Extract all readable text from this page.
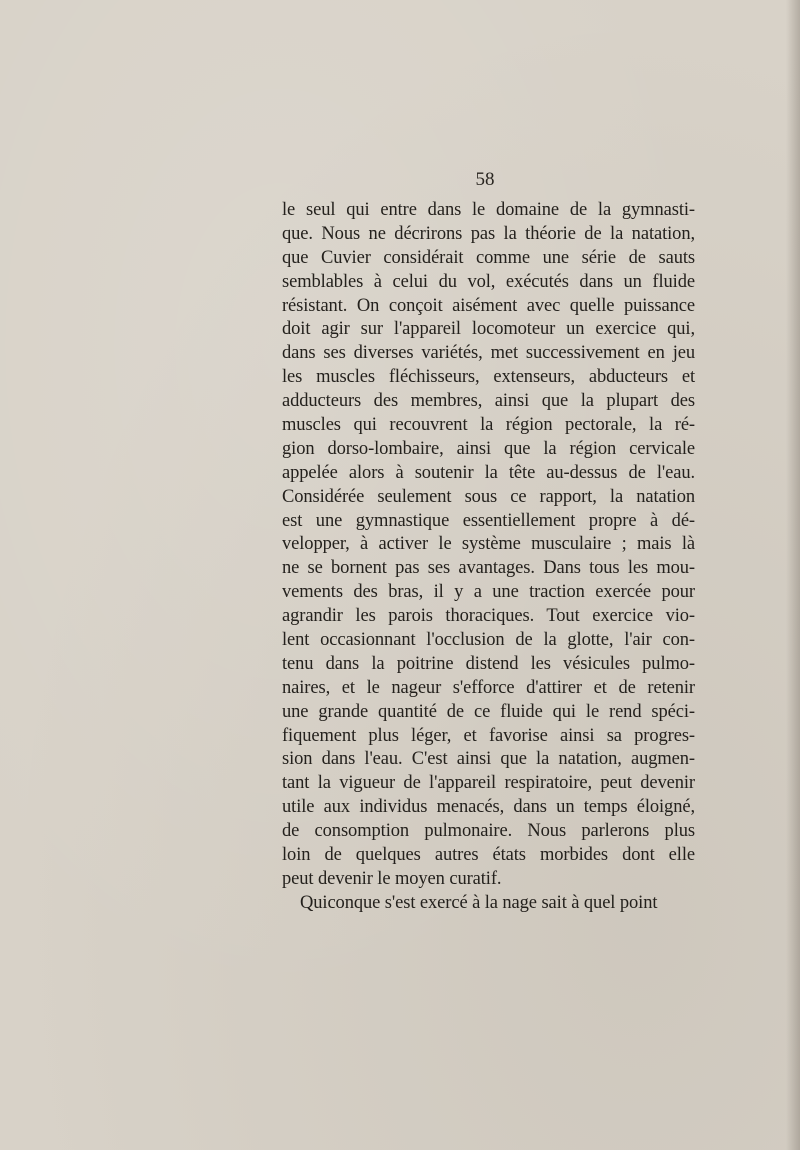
58
le seul qui entre dans le domaine de la gymnasti-
que. Nous ne décrirons pas la théorie de la natation,
que Cuvier considérait comme une série de sauts
semblables à celui du vol, exécutés dans un fluide
résistant. On conçoit aisément avec quelle puissance
doit agir sur l'appareil locomoteur un exercice qui,
dans ses diverses variétés, met successivement en jeu
les muscles fléchisseurs, extenseurs, abducteurs et
adducteurs des membres, ainsi que la plupart des
muscles qui recouvrent la région pectorale, la ré-
gion dorso-lombaire, ainsi que la région cervicale
appelée alors à soutenir la tête au-dessus de l'eau.
Considérée seulement sous ce rapport, la natation
est une gymnastique essentiellement propre à dé-
velopper, à activer le système musculaire ; mais là
ne se bornent pas ses avantages. Dans tous les mou-
vements des bras, il y a une traction exercée pour
agrandir les parois thoraciques. Tout exercice vio-
lent occasionnant l'occlusion de la glotte, l'air con-
tenu dans la poitrine distend les vésicules pulmo-
naires, et le nageur s'efforce d'attirer et de retenir
une grande quantité de ce fluide qui le rend spéci-
fiquement plus léger, et favorise ainsi sa progres-
sion dans l'eau. C'est ainsi que la natation, augmen-
tant la vigueur de l'appareil respiratoire, peut devenir
utile aux individus menacés, dans un temps éloigné,
de consomption pulmonaire. Nous parlerons plus
loin de quelques autres états morbides dont elle
peut devenir le moyen curatif.
Quiconque s'est exercé à la nage sait à quel point
